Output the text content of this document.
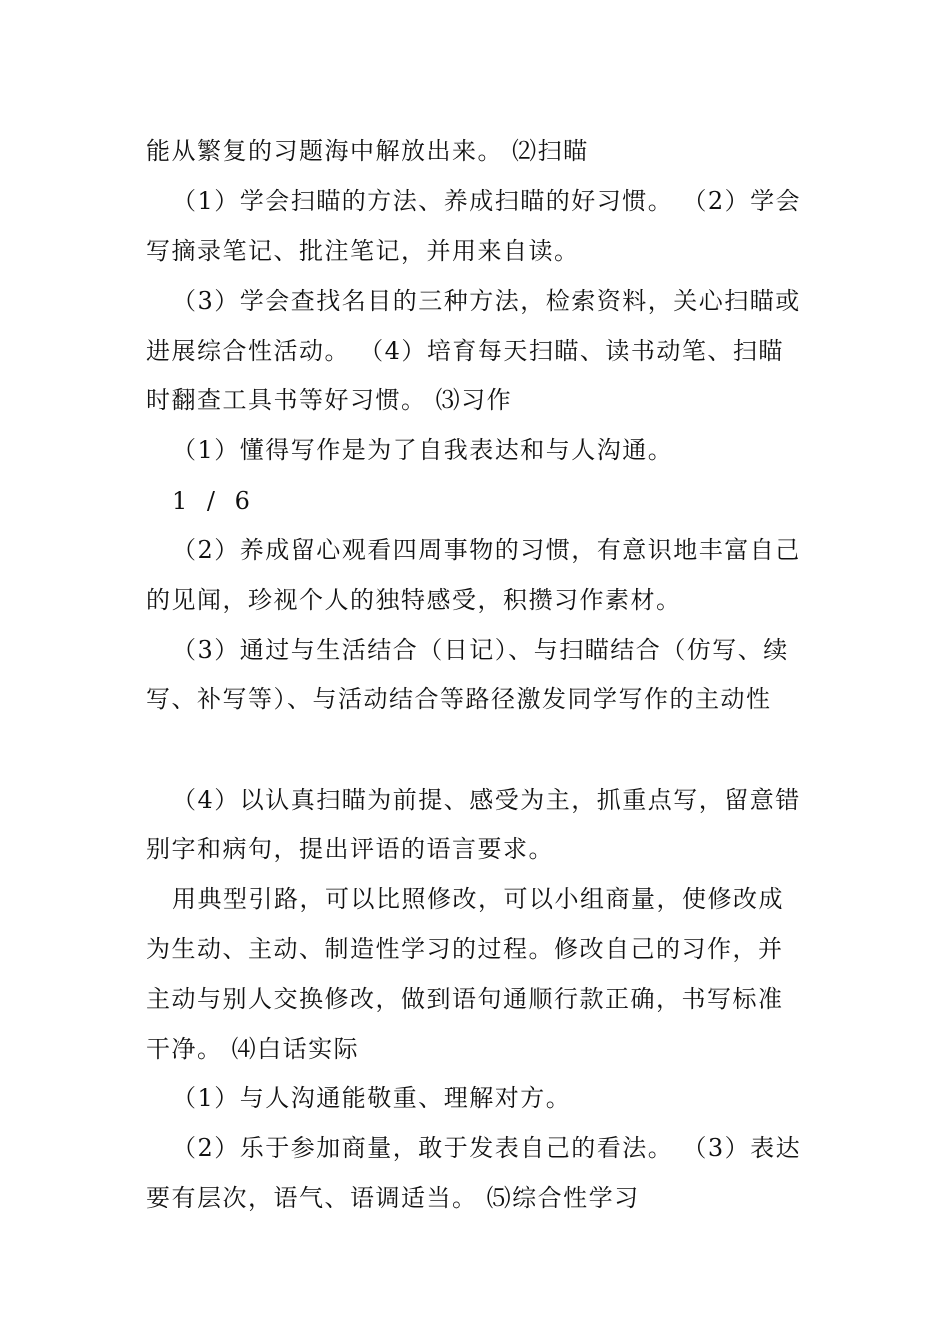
能从繁复的习题海中解放出来。 ⑵扫瞄
（1）学会扫瞄的方法、养成扫瞄的好习惯。 （2）学会
写摘录笔记、批注笔记，并用来自读。
（3）学会查找名目的三种方法，检索资料，关心扫瞄或
进展综合性活动。 （4）培育每天扫瞄、读书动笔、扫瞄
时翻查工具书等好习惯。 ⑶习作
（1）懂得写作是为了自我表达和与人沟通。
1 / 6
（2）养成留心观看四周事物的习惯，有意识地丰富自己
的见闻，珍视个人的独特感受，积攒习作素材。
（3）通过与生活结合（日记）、与扫瞄结合（仿写、续
写、补写等）、与活动结合等路径激发同学写作的主动性
（4）以认真扫瞄为前提、感受为主，抓重点写，留意错
别字和病句，提出评语的语言要求。
用典型引路，可以比照修改，可以小组商量，使修改成
为生动、主动、制造性学习的过程。修改自己的习作，并
主动与别人交换修改，做到语句通顺行款正确，书写标准
干净。 ⑷白话实际
（1）与人沟通能敬重、理解对方。
（2）乐于参加商量，敢于发表自己的看法。 （3）表达
要有层次，语气、语调适当。 ⑸综合性学习
